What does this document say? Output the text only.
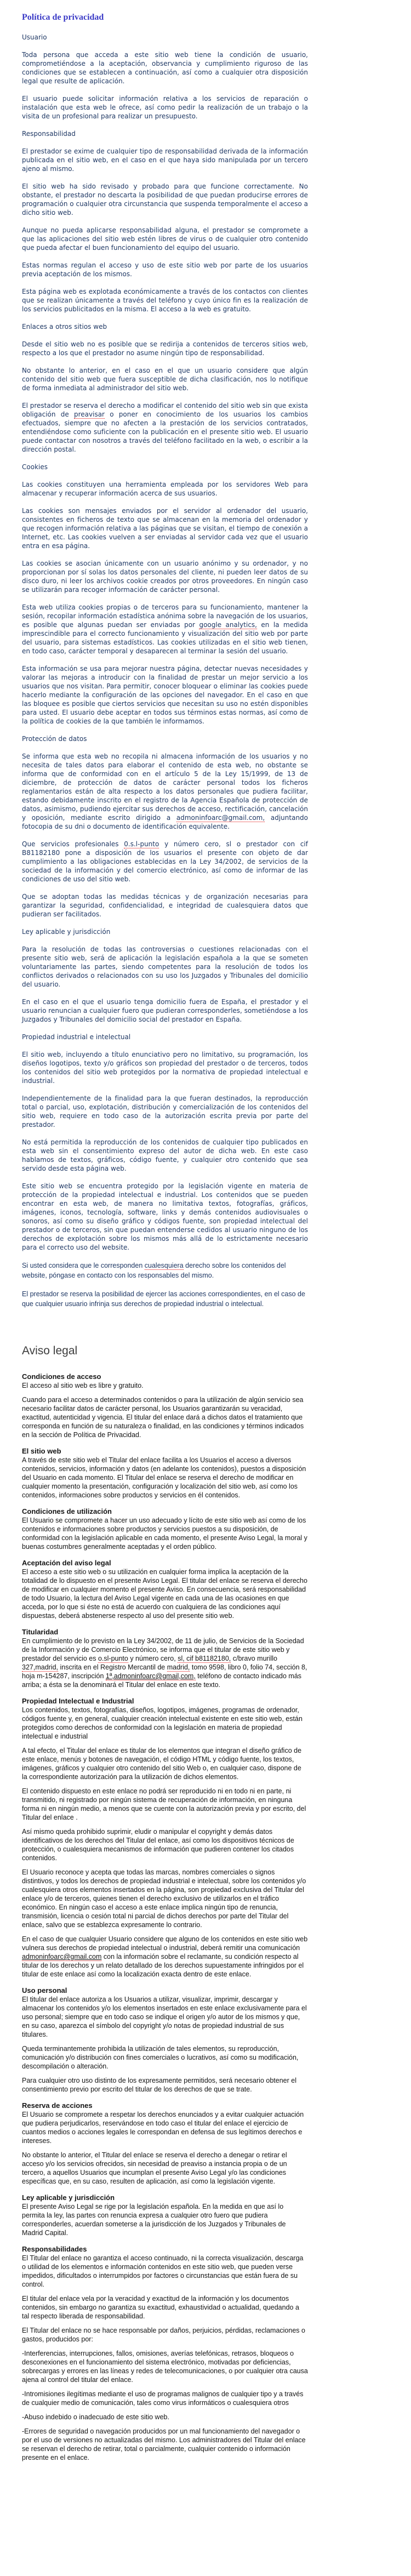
Política de privacidad

Usuario

Toda persona que acceda a este sitio web tiene la condición de usuario, comprometiéndose a la aceptación, observancia y cumplimiento riguroso de las condiciones que se establecen a continuación, así como a cualquier otra disposición legal que resulte de aplicación.

El usuario puede solicitar información relativa a los servicios de reparación o instalación que esta web le ofrece, así como pedir la realización de un trabajo o la visita de un profesional para realizar un presupuesto.

Responsabilidad

El prestador se exime de cualquier tipo de responsabilidad derivada de la información publicada en el sitio web, en el caso en el que haya sido manipulada por un tercero ajeno al mismo.

El sitio web ha sido revisado y probado para que funcione correctamente. No obstante, el prestador no descarta la posibilidad de que puedan producirse errores de programación o cualquier otra circunstancia que suspenda temporalmente el acceso a dicho sitio web.

Aunque no pueda aplicarse responsabilidad alguna, el prestador se compromete a que las aplicaciones del sitio web estén libres de virus o de cualquier otro contenido que pueda afectar el buen funcionamiento del equipo del usuario.

Estas normas regulan el acceso y uso de este sitio web por parte de los usuarios previa aceptación de los mismos.

Esta página web es explotada económicamente a través de los contactos con clientes que se realizan únicamente a través del teléfono y cuyo único fin es la realización de los servicios publicitados en la misma. El acceso a la web es gratuito.

Enlaces a otros sitios web

Desde el sitio web no es posible que se redirija a contenidos de terceros sitios web, respecto a los que el prestador no asume ningún tipo de responsabilidad.

No obstante lo anterior, en el caso en el que un usuario considere que algún contenido del sitio web que fuera susceptible de dicha clasificación, nos lo notifique de forma inmediata al administrador del sitio web.

El prestador se reserva el derecho a modificar el contenido del sitio web sin que exista obligación de preavisar o poner en conocimiento de los usuarios los cambios efectuados, siempre que no afecten a la prestación de los servicios contratados, entendiéndose como suficiente con la publicación en el presente sitio web. El usuario puede contactar con nosotros a través del teléfono facilitado en la web, o escribir a la dirección postal.

Cookies

Las cookies constituyen una herramienta empleada por los servidores Web para almacenar y recuperar información acerca de sus usuarios.

Las cookies son mensajes enviados por el servidor al ordenador del usuario, consistentes en ficheros de texto que se almacenan en la memoria del ordenador y que recogen información relativa a las páginas que se visitan, el tiempo de conexión a Internet, etc. Las cookies vuelven a ser enviadas al servidor cada vez que el usuario entra en esa página.

Las cookies se asocian únicamente con un usuario anónimo y su ordenador, y no proporcionan por sí solas los datos personales del cliente, ni pueden leer datos de su disco duro, ni leer los archivos cookie creados por otros proveedores. En ningún caso se utilizarán para recoger información de carácter personal.

Esta web utiliza cookies propias o de terceros para su funcionamiento, mantener la sesión, recopilar información estadística anónima sobre la navegación de los usuarios, es posible que algunas puedan ser enviadas por google analytics, en la medida imprescindible para el correcto funcionamiento y visualización del sitio web por parte del usuario, para sistemas estadísticos. Las cookies utilizadas en el sitio web tienen, en todo caso, carácter temporal y desaparecen al terminar la sesión del usuario.

Esta información se usa para mejorar nuestra página, detectar nuevas necesidades y valorar las mejoras a introducir con la finalidad de prestar un mejor servicio a los usuarios que nos visitan. Para permitir, conocer bloquear o eliminar las cookies puede hacerlo mediante la configuración de las opciones del navegador. En el caso en que las bloquee es posible que ciertos servicios que necesitan su uso no estén disponibles para usted. El usuario debe aceptar en todos sus términos estas normas, así como de la política de cookies de la que también le informamos.

Protección de datos

Se informa que esta web no recopila ni almacena información de los usuarios y no necesita de tales datos para elaborar el contenido de esta web, no obstante se informa que de conformidad con en el artículo 5 de la Ley 15/1999, de 13 de diciembre, de protección de datos de carácter personal todos los ficheros reglamentarios están de alta respecto a los datos personales que pudiera facilitar, estando debidamente inscrito en el registro de la Agencia Española de protección de datos, asimismo, pudiendo ejercitar sus derechos de acceso, rectificación, cancelación y oposición, mediante escrito dirigido a admoninfoarc@gmail.com, adjuntando fotocopia de su dni o documento de identificación equivalente.

Que servicios profesionales 0.s.l-punto y número cero, sl o prestador con cif B81182180 pone a disposición de los usuarios el presente con objeto de dar cumplimiento a las obligaciones establecidas en la Ley 34/2002, de servicios de la sociedad de la información y del comercio electrónico, así como de informar de las condiciones de uso del sitio web.

Que se adoptan todas las medidas técnicas y de organización necesarias para garantizar la seguridad, confidencialidad, e integridad de cualesquiera datos que pudieran ser facilitados.

Ley aplicable y jurisdicción

Para la resolución de todas las controversias o cuestiones relacionadas con el presente sitio web, será de aplicación la legislación española a la que se someten voluntariamente las partes, siendo competentes para la resolución de todos los conflictos derivados o relacionados con su uso los Juzgados y Tribunales del domicilio del usuario.

En el caso en el que el usuario tenga domicilio fuera de España, el prestador y el usuario renuncian a cualquier fuero que pudieran corresponderles, sometiéndose a los Juzgados y Tribunales del domicilio social del prestador en España.

Propiedad industrial e intelectual

El sitio web, incluyendo a título enunciativo pero no limitativo, su programación, los diseños logotipos, texto y/o gráficos son propiedad del prestador o de terceros, todos los contenidos del sitio web protegidos por la normativa de propiedad intelectual e industrial.

Independientemente de la finalidad para la que fueran destinados, la reproducción total o parcial, uso, explotación, distribución y comercialización de los contenidos del sitio web, requiere en todo caso de la autorización escrita previa por parte del prestador.

No está permitida la reproducción de los contenidos de cualquier tipo publicados en esta web sin el consentimiento expreso del autor de dicha web. En este caso hablamos de textos, gráficos, código fuente, y cualquier otro contenido que sea servido desde esta página web.

Este sitio web se encuentra protegido por la legislación vigente en materia de protección de la propiedad intelectual e industrial. Los contenidos que se pueden encontrar en esta web, de manera no limitativa textos, fotografías, gráficos, imágenes, iconos, tecnología, software, links y demás contenidos audiovisuales o sonoros, así como su diseño gráfico y códigos fuente, son propiedad intelectual del prestador o de terceros, sin que puedan entenderse cedidos al usuario ninguno de los derechos de explotación sobre los mismos más allá de lo estrictamente necesario para el correcto uso del website.

Si usted considera que le corresponden cualesquiera derecho sobre los contenidos del website, póngase en contacto con los responsables del mismo.

El prestador se reserva la posibilidad de ejercer las acciones correspondientes, en el caso de que cualquier usuario infrinja sus derechos de propiedad industrial o intelectual.

Aviso legal
Condiciones de acceso

El acceso al sitio web es libre y gratuito.

Cuando para el acceso a determinados contenidos o para la utilización de algún servicio sea necesario facilitar datos de carácter personal, los Usuarios garantizarán su veracidad, exactitud, autenticidad y vigencia. El titular del enlace dará a dichos datos el tratamiento que corresponda en función de su naturaleza o finalidad, en las condiciones y términos indicados en la sección de Política de Privacidad.

El sitio web

A través de este sitio web el Titular del enlace facilita a los Usuarios el acceso a diversos contenidos, servicios, información y datos (en adelante los contenidos), puestos a disposición del Usuario en cada momento. El Titular del enlace se reserva el derecho de modificar en cualquier momento la presentación, configuración y localización del sitio web, así como los contenidos, informaciones sobre productos y servicios en él contenidos.

Condiciones de utilización

El Usuario se compromete a hacer un uso adecuado y lícito de este sitio web así como de los contenidos e informaciones sobre productos y servicios puestos a su disposición, de conformidad con la legislación aplicable en cada momento, el presente Aviso Legal, la moral y buenas costumbres generalmente aceptadas y el orden público.

Aceptación del aviso legal

El acceso a este sitio web o su utilización en cualquier forma implica la aceptación de la totalidad de lo dispuesto en el presente Aviso Legal. El titular del enlace se reserva el derecho de modificar en cualquier momento el presente Aviso. En consecuencia, será responsabilidad de todo Usuario, la lectura del Aviso Legal vigente en cada una de las ocasiones en que acceda, por lo que si éste no está de acuerdo con cualquiera de las condiciones aquí dispuestas, deberá abstenerse respecto al uso del presente sitio web.

Titularidad

En cumplimiento de lo previsto en la Ley 34/2002, de 11 de julio, de Servicios de la Sociedad de la Información y de Comercio Electrónico, se informa que el titular de este sitio web y prestador del servicio es o.sl-punto y número cero, sl, cif b81182180, c/bravo murillo 327,madrid, inscrita en el Registro Mercantil de madrid, tomo 9598, libro 0, folio 74, sección 8, hoja m-154287, inscripción 1ª,admoninfoarc@gmail,com, teléfono de contacto indicado más arriba; a ésta se la denominará el Titular del enlace en este texto.

Propiedad Intelectual e Industrial

Los contenidos, textos, fotografías, diseños, logotipos, imágenes, programas de ordenador, códigos fuente y, en general, cualquier creación intelectual existente en este sitio web, están protegidos como derechos de conformidad con la legislación en materia de propiedad intelectual e industrial

A tal efecto, el Titular del enlace es titular de los elementos que integran el diseño gráfico de este enlace, menús y botones de navegación, el código HTML y código fuente, los textos, imágenes, gráficos y cualquier otro contenido del sitio Web o, en cualquier caso, dispone de la correspondiente autorización para la utilización de dichos elementos.

El contenido dispuesto en este enlace no podrá ser reproducido ni en todo ni en parte, ni transmitido, ni registrado por ningún sistema de recuperación de información, en ninguna forma ni en ningún medio, a menos que se cuente con la autorización previa y por escrito, del Titular del enlace .

Así mismo queda prohibido suprimir, eludir o manipular el copyright y demás datos identificativos de los derechos del Titular del enlace, así como los dispositivos técnicos de protección, o cualesquiera mecanismos de información que pudieren contener los citados contenidos.

El Usuario reconoce y acepta que todas las marcas, nombres comerciales o signos distintivos, y todos los derechos de propiedad industrial e intelectual, sobre los contenidos y/o cualesquiera otros elementos insertados en la página, son propiedad exclusiva del Titular del enlace y/o de terceros, quienes tienen el derecho exclusivo de utilizarlos en el tráfico económico. En ningún caso el acceso a este enlace implica ningún tipo de renuncia, transmisión, licencia o cesión total ni parcial de dichos derechos por parte del Titular del enlace, salvo que se establezca expresamente lo contrario.

En el caso de que cualquier Usuario considere que alguno de los contenidos en este sitio web vulnera sus derechos de propiedad intelectual o industrial, deberá remitir una comunicación admoninfoarc@gmail.com con la información sobre el reclamante, su condición respecto al titular de los derechos y un relato detallado de los derechos supuestamente infringidos por el titular de este enlace así como la localización exacta dentro de este enlace.

Uso personal

El titular del enlace autoriza a los Usuarios a utilizar, visualizar, imprimir, descargar y almacenar los contenidos y/o los elementos insertados en este enlace exclusivamente para el uso personal; siempre que en todo caso se indique el origen y/o autor de los mismos y que, en su caso, aparezca el símbolo del copyright y/o notas de propiedad industrial de sus titulares.

Queda terminantemente prohibida la utilización de tales elementos, su reproducción, comunicación y/o distribución con fines comerciales o lucrativos, así como su modificación, descompilación o alteración.

Para cualquier otro uso distinto de los expresamente permitidos, será necesario obtener el consentimiento previo por escrito del titular de los derechos de que se trate.

Reserva de acciones

El Usuario se compromete a respetar los derechos enunciados y a evitar cualquier actuación que pudiera perjudicarlos, reservándose en todo caso el titular del enlace el ejercicio de cuantos medios o acciones legales le correspondan en defensa de sus legítimos derechos e intereses.

No obstante lo anterior, el Titular del enlace se reserva el derecho a denegar o retirar el acceso y/o los servicios ofrecidos, sin necesidad de preaviso a instancia propia o de un tercero, a aquellos Usuarios que incumplan el presente Aviso Legal y/o las condiciones específicas que, en su caso, resulten de aplicación, así como la legislación vigente.

Ley aplicable y jurisdicción

El presente Aviso Legal se rige por la legislación española. En la medida en que así lo permita la ley, las partes con renuncia expresa a cualquier otro fuero que pudiera corresponderles, acuerdan someterse a la jurisdicción de los Juzgados y Tribunales de Madrid Capital.

Responsabilidades

El Titular del enlace no garantiza el acceso continuado, ni la correcta visualización, descarga o utilidad de los elementos e información contenidos en este sitio web, que pueden verse impedidos, dificultados o interrumpidos por factores o circunstancias que están fuera de su control.

El titular del enlace vela por la veracidad y exactitud de la información y los documentos contenidos, sin embargo no garantiza su exactitud, exhaustividad o actualidad, quedando a tal respecto liberada de responsabilidad.

El Titular del enlace no se hace responsable por daños, perjuicios, pérdidas, reclamaciones o gastos, producidos por:

-Interferencias, interrupciones, fallos, omisiones, averías telefónicas, retrasos, bloqueos o desconexiones en el funcionamiento del sistema electrónico, motivadas por deficiencias, sobrecargas y errores en las líneas y redes de telecomunicaciones, o por cualquier otra causa ajena al control del titular del enlace.

-Intromisiones ilegítimas mediante el uso de programas malignos de cualquier tipo y a través de cualquier medio de comunicación, tales como virus informáticos o cualesquiera otros

-Abuso indebido o inadecuado de este sitio web.

-Errores de seguridad o navegación producidos por un mal funcionamiento del navegador o por el uso de versiones no actualizadas del mismo. Los administradores del Titular del enlace se reservan el derecho de retirar, total o parcialmente, cualquier contenido o información presente en el enlace.
